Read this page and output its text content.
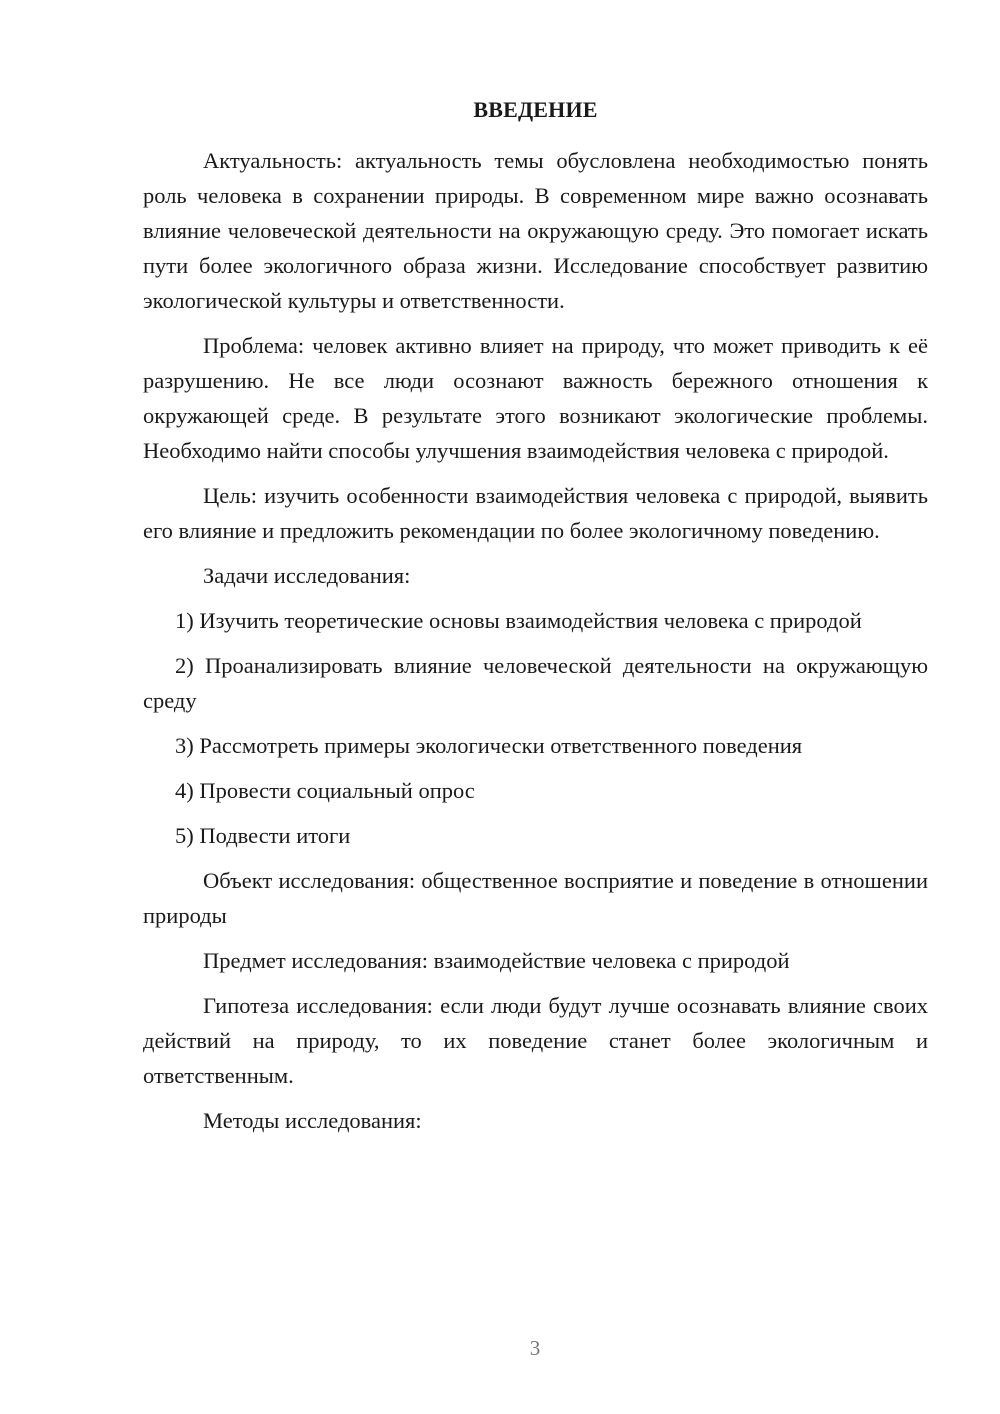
ВВЕДЕНИЕ

Актуальность: актуальность темы обусловлена необходимостью понять роль человека в сохранении природы. В современном мире важно осознавать влияние человеческой деятельности на окружающую среду. Это помогает искать пути более экологичного образа жизни. Исследование способствует развитию экологической культуры и ответственности.

Проблема: человек активно влияет на природу, что может приводить к её разрушению. Не все люди осознают важность бережного отношения к окружающей среде. В результате этого возникают экологические проблемы. Необходимо найти способы улучшения взаимодействия человека с природой.

Цель: изучить особенности взаимодействия человека с природой, выявить его влияние и предложить рекомендации по более экологичному поведению.

Задачи исследования:

1) Изучить теоретические основы взаимодействия человека с природой

2) Проанализировать влияние человеческой деятельности на окружающую среду

3) Рассмотреть примеры экологически ответственного поведения

4) Провести социальный опрос

5) Подвести итоги

Объект исследования: общественное восприятие и поведение в отношении природы

Предмет исследования: взаимодействие человека с природой

Гипотеза исследования: если люди будут лучше осознавать влияние своих действий на природу, то их поведение станет более экологичным и ответственным.

Методы исследования:

3
